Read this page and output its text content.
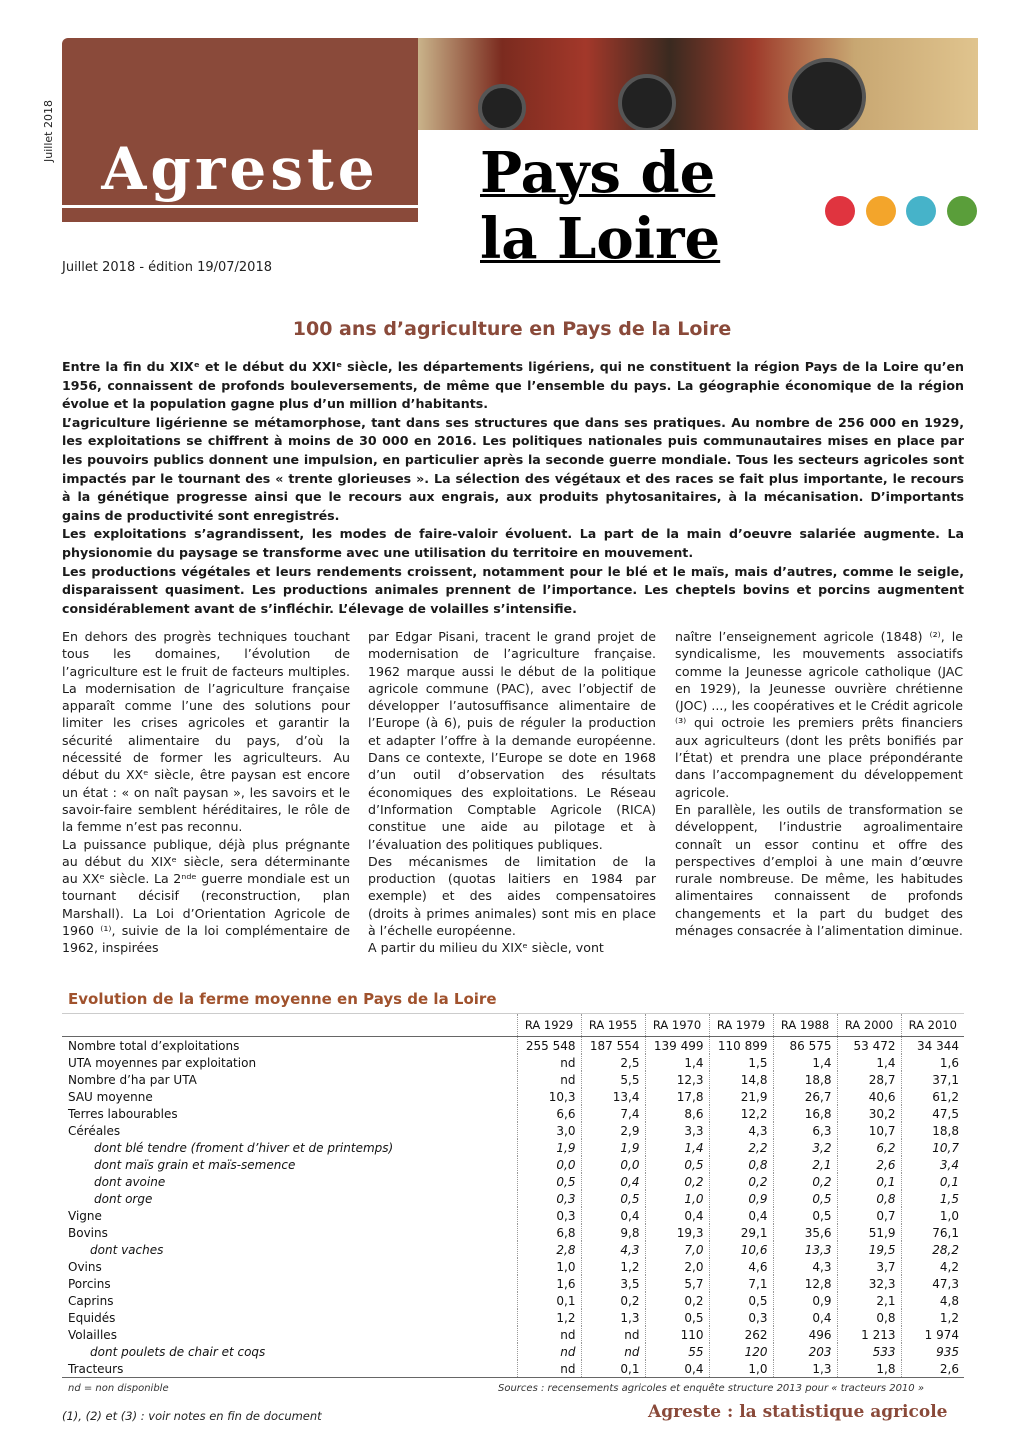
Juillet 2018
Agreste	Pays de
la Loire
Juillet 2018 - édition 19/07/2018
100 ans d’agriculture en Pays de la Loire

Entre la fin du XIXᵉ et le début du XXIᵉ siècle, les départements ligériens, qui ne constituent la région Pays de la Loire qu’en 1956, connaissent de profonds bouleversements, de même que l’ensemble du pays. La géographie économique de la région évolue et la population gagne plus d’un million d’habitants.

L’agriculture ligérienne se métamorphose, tant dans ses structures que dans ses pratiques. Au nombre de 256 000 en 1929, les exploitations se chiffrent à moins de 30 000 en 2016. Les politiques nationales puis communautaires mises en place par les pouvoirs publics donnent une impulsion, en particulier après la seconde guerre mondiale. Tous les secteurs agricoles sont impactés par le tournant des « trente glorieuses ». La sélection des végétaux et des races se fait plus importante, le recours à la génétique progresse ainsi que le recours aux engrais, aux produits phytosanitaires, à la mécanisation. D’importants gains de productivité sont enregistrés.

Les exploitations s’agrandissent, les modes de faire-valoir évoluent. La part de la main d’oeuvre salariée augmente. La physionomie du paysage se transforme avec une utilisation du territoire en mouvement.

Les productions végétales et leurs rendements croissent, notamment pour le blé et le maïs, mais d’autres, comme le seigle, disparaissent quasiment. Les productions animales prennent de l’importance. Les cheptels bovins et porcins augmentent considérablement avant de s’infléchir. L’élevage de volailles s’intensifie.

En dehors des progrès techniques touchant tous les domaines, l’évolution de l’agriculture est le fruit de facteurs multiples. La modernisation de l’agriculture française apparaît comme l’une des solutions pour limiter les crises agricoles et garantir la sécurité alimentaire du pays, d’où la nécessité de former les agriculteurs. Au début du XXᵉ siècle, être paysan est encore un état : « on naît paysan », les savoirs et le savoir-faire semblent héréditaires, le rôle de la femme n’est pas reconnu.

La puissance publique, déjà plus prégnante au début du XIXᵉ siècle, sera déterminante au XXᵉ siècle. La 2ⁿᵈᵉ guerre mondiale est un tournant décisif (reconstruction, plan Marshall). La Loi d’Orientation Agricole de 1960 ⁽¹⁾, suivie de la loi complémentaire de 1962, inspirées

par Edgar Pisani, tracent le grand projet de modernisation de l’agriculture française. 1962 marque aussi le début de la politique agricole commune (PAC), avec l’objectif de développer l’autosuffisance alimentaire de l’Europe (à 6), puis de réguler la production et adapter l’offre à la demande européenne. Dans ce contexte, l’Europe se dote en 1968 d’un outil d’observation des résultats économiques des exploitations. Le Réseau d’Information Comptable Agricole (RICA) constitue une aide au pilotage et à l’évaluation des politiques publiques.

Des mécanismes de limitation de la production (quotas laitiers en 1984 par exemple) et des aides compensatoires (droits à primes animales) sont mis en place à l’échelle européenne.

A partir du milieu du XIXᵉ siècle, vont

naître l’enseignement agricole (1848) ⁽²⁾, le syndicalisme, les mouvements associatifs comme la Jeunesse agricole catholique (JAC en 1929), la Jeunesse ouvrière chrétienne (JOC) ..., les coopératives et le Crédit agricole ⁽³⁾ qui octroie les premiers prêts financiers aux agriculteurs (dont les prêts bonifiés par l’État) et prendra une place prépondérante dans l’accompagnement du développement agricole.

En parallèle, les outils de transformation se développent, l’industrie agroalimentaire connaît un essor continu et offre des perspectives d’emploi à une main d’œuvre rurale nombreuse. De même, les habitudes alimentaires connaissent de profonds changements et la part du budget des ménages consacrée à l’alimentation diminue.

Evolution de la ferme moyenne en Pays de la Loire
	RA 1929	RA 1955	RA 1970	RA 1979	RA 1988	RA 2000	RA 2010
Nombre total d’exploitations	255 548	187 554	139 499	110 899	86 575	53 472	34 344
UTA moyennes par exploitation	nd	2,5	1,4	1,5	1,4	1,4	1,6
Nombre d’ha par UTA	nd	5,5	12,3	14,8	18,8	28,7	37,1
SAU moyenne	10,3	13,4	17,8	21,9	26,7	40,6	61,2
Terres labourables	6,6	7,4	8,6	12,2	16,8	30,2	47,5
Céréales	3,0	2,9	3,3	4,3	6,3	10,7	18,8
dont blé tendre (froment d’hiver et de printemps)	1,9	1,9	1,4	2,2	3,2	6,2	10,7
dont maïs grain et maïs-semence	0,0	0,0	0,5	0,8	2,1	2,6	3,4
dont avoine	0,5	0,4	0,2	0,2	0,2	0,1	0,1
dont orge	0,3	0,5	1,0	0,9	0,5	0,8	1,5
Vigne	0,3	0,4	0,4	0,4	0,5	0,7	1,0
Bovins	6,8	9,8	19,3	29,1	35,6	51,9	76,1
dont vaches	2,8	4,3	7,0	10,6	13,3	19,5	28,2
Ovins	1,0	1,2	2,0	4,6	4,3	3,7	4,2
Porcins	1,6	3,5	5,7	7,1	12,8	32,3	47,3
Caprins	0,1	0,2	0,2	0,5	0,9	2,1	4,8
Equidés	1,2	1,3	0,5	0,3	0,4	0,8	1,2
Volailles	nd	nd	110	262	496	1 213	1 974
dont poulets de chair et coqs	nd	nd	55	120	203	533	935
Tracteurs	nd	0,1	0,4	1,0	1,3	1,8	2,6
nd = non disponible	Sources : recensements agricoles et enquête structure 2013 pour « tracteurs 2010 »
(1), (2) et (3) : voir notes en fin de document	Agreste : la statistique agricole
